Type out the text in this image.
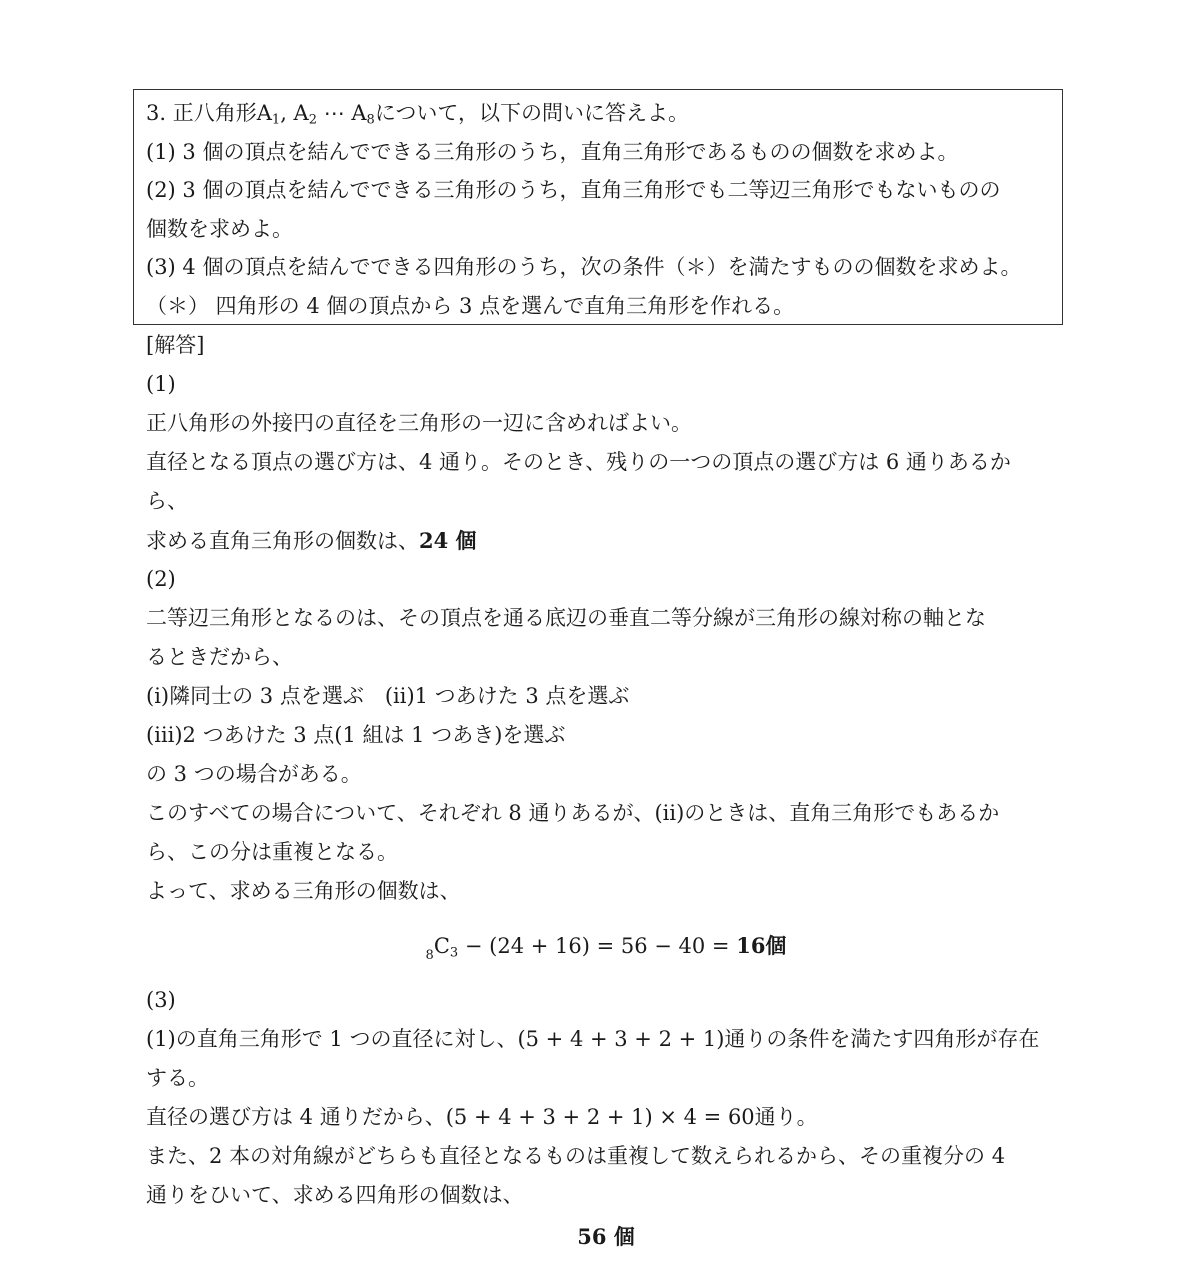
3. 正八角形$A_1$, $A_2$ ⋯ $A_8$について，以下の問いに答えよ。
(1) 3 個の頂点を結んでできる三角形のうち，直角三角形であるものの個数を求めよ。
(2) 3 個の頂点を結んでできる三角形のうち，直角三角形でも二等辺三角形でもないものの
個数を求めよ。
(3) 4 個の頂点を結んでできる四角形のうち，次の条件（＊）を満たすものの個数を求めよ。
（＊） 四角形の 4 個の頂点から 3 点を選んで直角三角形を作れる。
[解答]
(1)
正八角形の外接円の直径を三角形の一辺に含めればよい。
直径となる頂点の選び方は、4 通り。そのとき、残りの一つの頂点の選び方は 6 通りあるか
ら、
求める直角三角形の個数は、24 個
(2)
二等辺三角形となるのは、その頂点を通る底辺の垂直二等分線が三角形の線対称の軸とな
るときだから、
(ⅰ)隣同士の 3 点を選ぶ　(ⅱ)1 つあけた 3 点を選ぶ
(ⅲ)2 つあけた 3 点(1 組は 1 つあき)を選ぶ
の 3 つの場合がある。
このすべての場合について、それぞれ 8 通りあるが、(ⅱ)のときは、直角三角形でもあるか
ら、この分は重複となる。
よって、求める三角形の個数は、
$8C_3 - (24 + 16) = 56 - 40 = 16$個
(3)
(1)の直角三角形で 1 つの直径に対し、(5 + 4 + 3 + 2 + 1)通りの条件を満たす四角形が存在
する。
直径の選び方は 4 通りだから、(5 + 4 + 3 + 2 + 1) × 4 = 60通り。
また、2 本の対角線がどちらも直径となるものは重複して数えられるから、その重複分の 4
通りをひいて、求める四角形の個数は、
56 個
